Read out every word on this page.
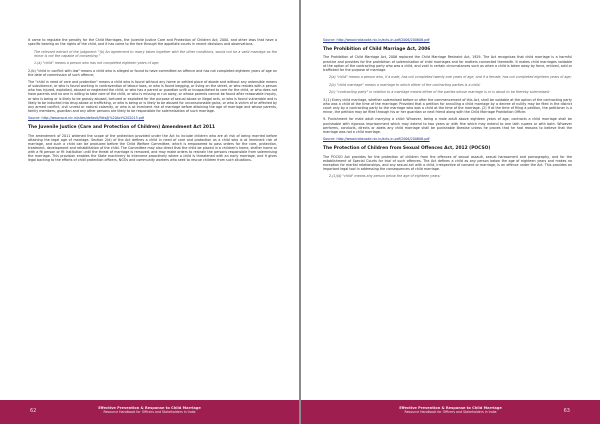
It came to regulate the penalty for the Child Marriages, the Juvenile Justice Care and Protection of Children Act, 2000, and other laws that have a specific bearing on the rights of the child, and it has come to the fore through the appellate courts in recent decisions and observations.

The relevant extract of the judgment: "(b) An agreement to marry taken together with the other conditions, would not be a valid marriage as the minor is not the capable of consenting."

1.(a) "child" means a person who has not completed eighteen years of age;

2.(b) "child in conflict with law" means a child who is alleged or found to have committed an offence and has not completed eighteen years of age on the date of commission of such offence;

The "child in need of care and protection" means a child who is found without any home or settled place of abode and without any ostensible means of subsistence, or who is found working in contravention of labour laws, or who is found begging, or living on the street, or who resides with a person who has injured, exploited, abused or neglected the child, or who has a parent or guardian unfit or incapacitated to care for the child, or who does not have parents and no one is willing to take care of the child, or who is missing or run away, or whose parents cannot be found after reasonable inquiry, or who is being or is likely to be grossly abused, tortured or exploited for the purpose of sexual abuse or illegal acts, or who is found vulnerable and is likely to be inducted into drug abuse or trafficking, or who is being or is likely to be abused for unconscionable gains, or who is victim of or affected by any armed conflict, civil unrest or natural calamity, or who is at imminent risk of marriage before attaining the age of marriage and whose parents, family members, guardian and any other persons are likely to be responsible for solemnisation of such marriage.

Source: http://www.wcd.nic.in/sites/default/files/JJ%20Act%202015.pdf
The Juvenile Justice (Care and Protection of Children) Amendment Act 2011

The amendment of 2011 widened the scope of the protection provided under the Act to include children who are at risk of being married before attaining the legal age of marriage. Section 2(d) of the Act defines a child in need of care and protection as a child who is at imminent risk of marriage, and such a child can be produced before the Child Welfare Committee, which is empowered to pass orders for the care, protection, treatment, development and rehabilitation of the child. The Committee may also direct that the child be placed in a children's home, shelter home or with a fit person or fit institution until the threat of marriage is removed, and may make orders to restrain the persons responsible from solemnising the marriage. This provision enables the State machinery to intervene proactively where a child is threatened with an early marriage, and it gives legal backing to the efforts of child protection officers, NGOs and community workers who seek to rescue children from such situations.

62	Effective Prevention & Response to Child Marriage
Resource Handbook for Officers and Stakeholders in India
Source: http://www.indiacode.nic.in/acts-in-pdf/2006/200606.pdf
The Prohibition of Child Marriage Act, 2006

The Prohibition of Child Marriage Act, 2006 replaced the Child Marriage Restraint Act, 1929. The Act recognises that child marriage is a harmful practice and provides for the prohibition of solemnisation of child marriages and for matters connected therewith. It makes child marriages voidable at the option of the contracting party who was a child, and void in certain circumstances such as when a child is taken away by force, enticed, sold or trafficked for the purpose of marriage.

2(a) "child" means a person who, if a male, has not completed twenty-one years of age, and if a female, has not completed eighteen years of age;

2(b) "child marriage" means a marriage to which either of the contracting parties is a child;

2(c) "contracting party" in relation to a marriage means either of the parties whose marriage is or is about to be thereby solemnised;

3.(1) Every child marriage, whether solemnised before or after the commencement of this Act, shall be voidable at the option of the contracting party who was a child at the time of the marriage: Provided that a petition for annulling a child marriage by a decree of nullity may be filed in the district court only by a contracting party to the marriage who was a child at the time of the marriage. (2) If at the time of filing a petition, the petitioner is a minor, the petition may be filed through his or her guardian or next friend along with the Child Marriage Prohibition Officer.

9. Punishment for male adult marrying a child: Whoever, being a male adult above eighteen years of age, contracts a child marriage shall be punishable with rigorous imprisonment which may extend to two years or with fine which may extend to one lakh rupees or with both. Whoever performs, conducts, directs or abets any child marriage shall be punishable likewise unless he proves that he had reasons to believe that the marriage was not a child marriage.

Source: http://www.indiacode.nic.in/acts-in-pdf/2006/200606.pdf
The Protection of Children from Sexual Offences Act, 2012 (POCSO)

The POCSO Act provides for the protection of children from the offences of sexual assault, sexual harassment and pornography, and for the establishment of Special Courts for trial of such offences. The Act defines a child as any person below the age of eighteen years and makes no exception for marital relationships, and any sexual act with a child, irrespective of consent or marriage, is an offence under the Act. This provides an important legal tool in addressing the consequences of child marriage.

2.(1)(d) "child" means any person below the age of eighteen years;

63
Effective Prevention & Response to Child Marriage
Resource Handbook for Officers and Stakeholders in India
